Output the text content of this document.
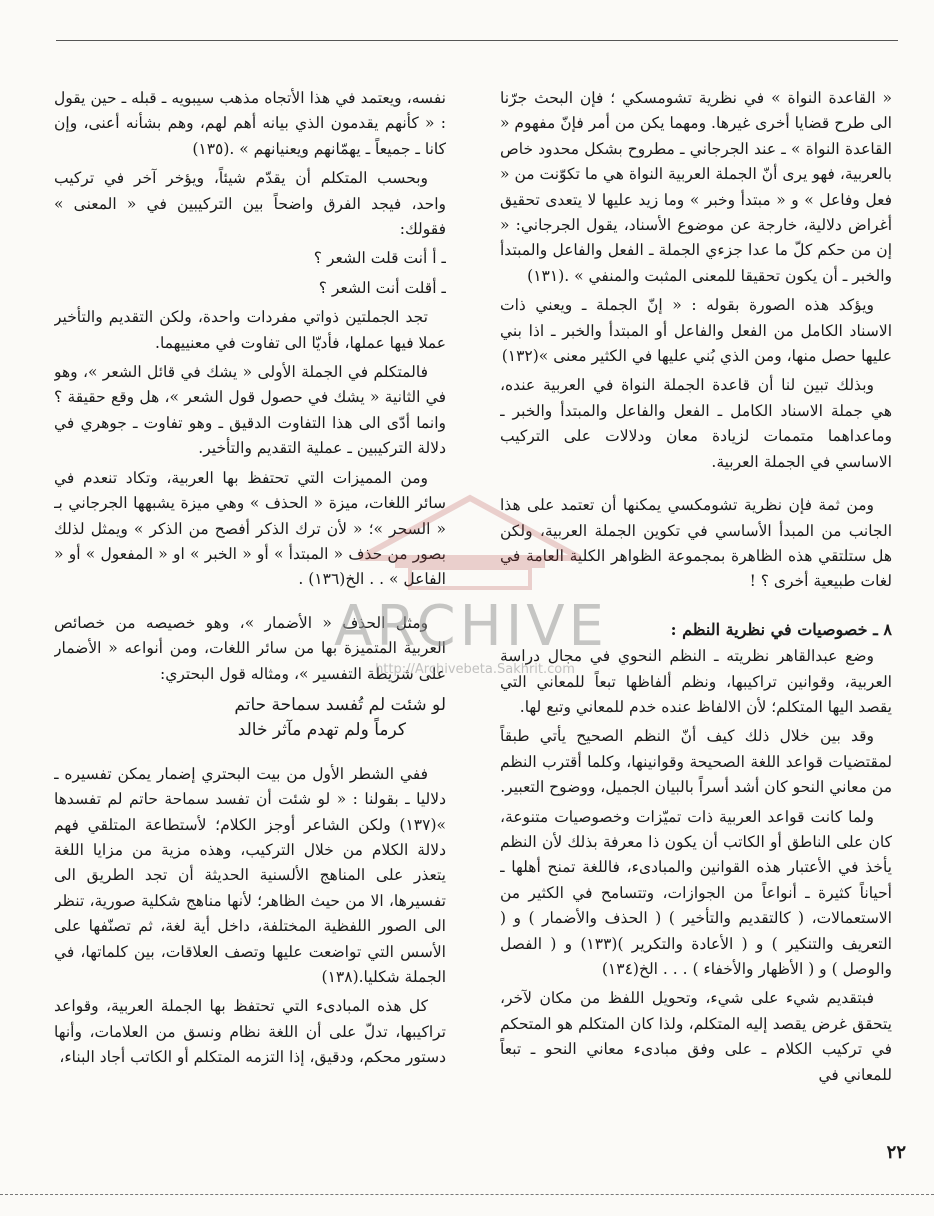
« القاعدة النواة » في نظرية تشومسكي ؛ فإن البحث جرّنا الى طرح قضايا أخرى غيرها. ومهما يكن من أمر فإنّ مفهوم « القاعدة النواة » ـ عند الجرجاني ـ مطروح بشكل محدود خاص بالعربية، فهو يرى أنّ الجملة العربية النواة هي ما تكوّنت من « فعل وفاعل » و « مبتدأ وخبر » وما زيد عليها لا يتعدى تحقيق أغراض دلالية، خارجة عن موضوع الأسناد، يقول الجرجاني: « إن من حكم كلّ ما عدا جزءي الجملة ـ الفعل والفاعل والمبتدأ والخبر ـ أن يكون تحقيقا للمعنى المثبت والمنفي » .(١٣١)

ويؤكد هذه الصورة بقوله : « إنّ الجملة ـ ويعني ذات الاسناد الكامل من الفعل والفاعل أو المبتدأ والخبر ـ اذا بني عليها حصل منها، ومن الذي بُني عليها في الكثير معنى »(١٣٢)

وبذلك تبين لنا أن قاعدة الجملة النواة في العربية عنده، هي جملة الاسناد الكامل ـ الفعل والفاعل والمبتدأ والخبر ـ وماعداهما متممات لزيادة معان ودلالات على التركيب الاساسي في الجملة العربية.

ومن ثمة فإن نظرية تشومكسي يمكنها أن تعتمد على هذا الجانب من المبدأ الأساسي في تكوين الجملة العربية، ولكن هل ستلتقي هذه الظاهرة بمجموعة الظواهر الكلية العامة في لغات طبيعية أخرى ؟ !

٨ ـ خصوصيات في نظرية النظم :

وضع عبدالقاهر نظريته ـ النظم النحوي في مجال دراسة العربية، وقوانين تراكيبها، ونظم ألفاظها تبعاً للمعاني التي يقصد اليها المتكلم؛ لأن الالفاظ عنده خدم للمعاني وتبع لها.

وقد بين خلال ذلك كيف أنّ النظم الصحيح يأتي طبقاً لمقتضيات قواعد اللغة الصحيحة وقوانينها، وكلما أقترب النظم من معاني النحو كان أشد أسراً بالبيان الجميل، ووضوح التعبير.

ولما كانت قواعد العربية ذات تميّزات وخصوصيات متنوعة، كان على الناطق أو الكاتب أن يكون ذا معرفة بذلك لأن النظم يأخذ في الأعتبار هذه القوانين والمبادىء، فاللغة تمنح أهلها ـ أحياناً كثيرة ـ أنواعاً من الجوازات، وتتسامح في الكثير من الاستعمالات، ( كالتقديم والتأخير ) ( الحذف والأضمار ) و ( التعريف والتنكير ) و ( الأعادة والتكرير )(١٣٣) و ( الفصل والوصل ) و ( الأظهار والأخفاء ) . . . الخ(١٣٤)

فبتقديم شيء على شيء، وتحويل اللفظ من مكان لآخر، يتحقق غرض يقصد إليه المتكلم، ولذا كان المتكلم هو المتحكم في تركيب الكلام ـ على وفق مبادىء معاني النحو ـ تبعاً للمعاني في

نفسه، ويعتمد في هذا الأتجاه مذهب سيبويه ـ قبله ـ حين يقول : « كأنهم يقدمون الذي بيانه أهم لهم، وهم بشأنه أعنى، وإن كانا ـ جميعاً ـ يهمّانهم ويعنيانهم » .(١٣٥)

وبحسب المتكلم أن يقدّم شيئاً، ويؤخر آخر في تركيب واحد، فيجد الفرق واضحاً بين التركيبين في « المعنى » فقولك:

ـ أ أنت قلت الشعر ؟

ـ أقلت أنت الشعر ؟

تجد الجملتين ذواتي مفردات واحدة، ولكن التقديم والتأخير عملا فيها عملها، فأديّا الى تفاوت في معنييهما.

فالمتكلم في الجملة الأولى « يشك في قائل الشعر »، وهو في الثانية « يشك في حصول قول الشعر »، هل وقع حقيقة ؟ وانما أدّى الى هذا التفاوت الدقيق ـ وهو تفاوت ـ جوهري في دلالة التركيبين ـ عملية التقديم والتأخير.

ومن المميزات التي تحتفظ بها العربية، وتكاد تنعدم في سائر اللغات، ميزة « الحذف » وهي ميزة يشبهها الجرجاني بـ « السحر »؛ « لأن ترك الذكر أفصح من الذكر » ويمثل لذلك بصور من حذف « المبتدأ » أو « الخبر » او « المفعول » أو « الفاعل » . . الخ(١٣٦) .

ومثل الحذف « الأضمار »، وهو خصيصه من خصائص العربية المتميزة بها من سائر اللغات، ومن أنواعه « الأضمار على شريطة التفسير »، ومثاله قول البحتري:

لو شئت لم تُفسد سماحة حاتم
كرماً ولم تهدم مآثر خالد

ففي الشطر الأول من بيت البحتري إضمار يمكن تفسيره ـ دلاليا ـ بقولنا : « لو شئت أن تفسد سماحة حاتم لم تفسدها »(١٣٧) ولكن الشاعر أوجز الكلام؛ لأستطاعة المتلقي فهم دلالة الكلام من خلال التركيب، وهذه مزية من مزايا اللغة يتعذر على المناهج الألسنية الحديثة أن تجد الطريق الى تفسيرها، الا من حيث الظاهر؛ لأنها مناهج شكلية صورية، تنظر الى الصور اللفظية المختلفة، داخل أية لغة، ثم تصنّفها على الأسس التي تواضعت عليها وتصف العلاقات، بين كلماتها، في الجملة شكليا.(١٣٨)

كل هذه المبادىء التي تحتفظ بها الجملة العربية، وقواعد تراكيبها، تدلّ على أن اللغة نظام ونسق من العلامات، وأنها دستور محكم، ودقيق، إذا التزمه المتكلم أو الكاتب أجاد البناء،

ARCHIVE
http://Archivebeta.Sakhrit.com
٢٢
